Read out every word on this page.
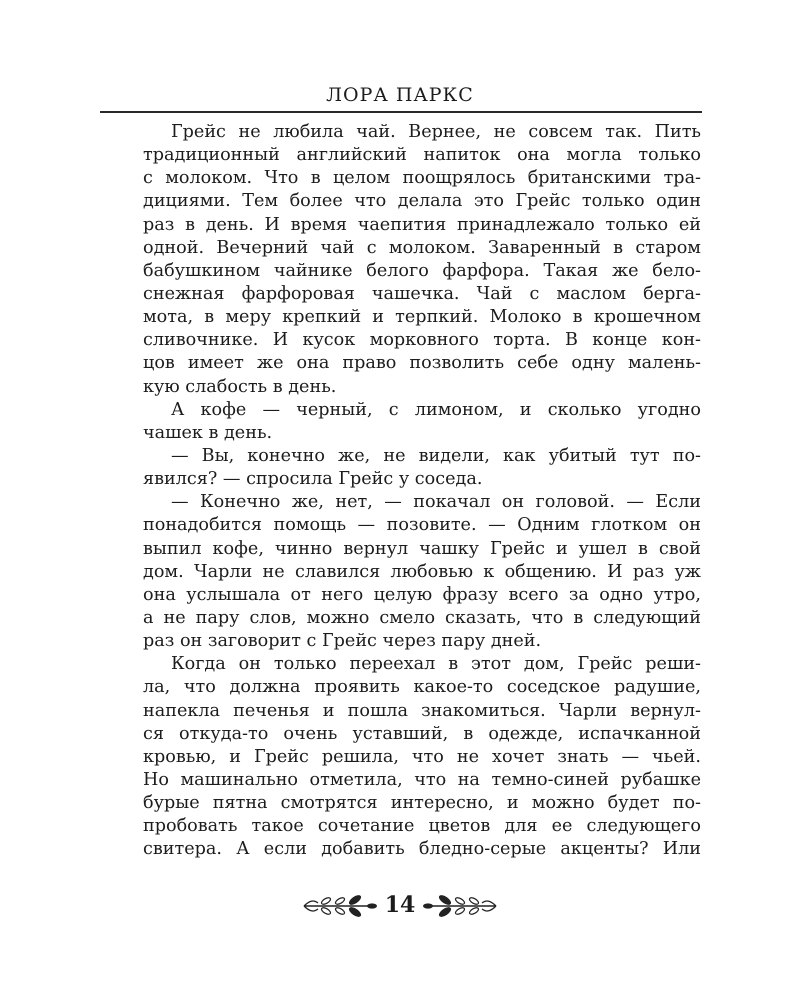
ЛОРА ПАРКС
Грейс не любила чай. Вернее, не совсем так. Пить
традиционный английский напиток она могла только
с молоком. Что в целом поощрялось британскими тра-
дициями. Тем более что делала это Грейс только один
раз в день. И время чаепития принадлежало только ей
одной. Вечерний чай с молоком. Заваренный в старом
бабушкином чайнике белого фарфора. Такая же бело-
снежная фарфоровая чашечка. Чай с маслом берга-
мота, в меру крепкий и терпкий. Молоко в крошечном
сливочнике. И кусок морковного торта. В конце кон-
цов имеет же она право позволить себе одну малень-
кую слабость в день.
А кофе — черный, с лимоном, и сколько угодно
чашек в день.
— Вы, конечно же, не видели, как убитый тут по-
явился? — спросила Грейс у соседа.
— Конечно же, нет, — покачал он головой. — Если
понадобится помощь — позовите. — Одним глотком он
выпил кофе, чинно вернул чашку Грейс и ушел в свой
дом. Чарли не славился любовью к общению. И раз уж
она услышала от него целую фразу всего за одно утро,
а не пару слов, можно смело сказать, что в следующий
раз он заговорит с Грейс через пару дней.
Когда он только переехал в этот дом, Грейс реши-
ла, что должна проявить какое-то соседское радушие,
напекла печенья и пошла знакомиться. Чарли вернул-
ся откуда-то очень уставший, в одежде, испачканной
кровью, и Грейс решила, что не хочет знать — чьей.
Но машинально отметила, что на темно-синей рубашке
бурые пятна смотрятся интересно, и можно будет по-
пробовать такое сочетание цветов для ее следующего
свитера. А если добавить бледно-серые акценты? Или
14
